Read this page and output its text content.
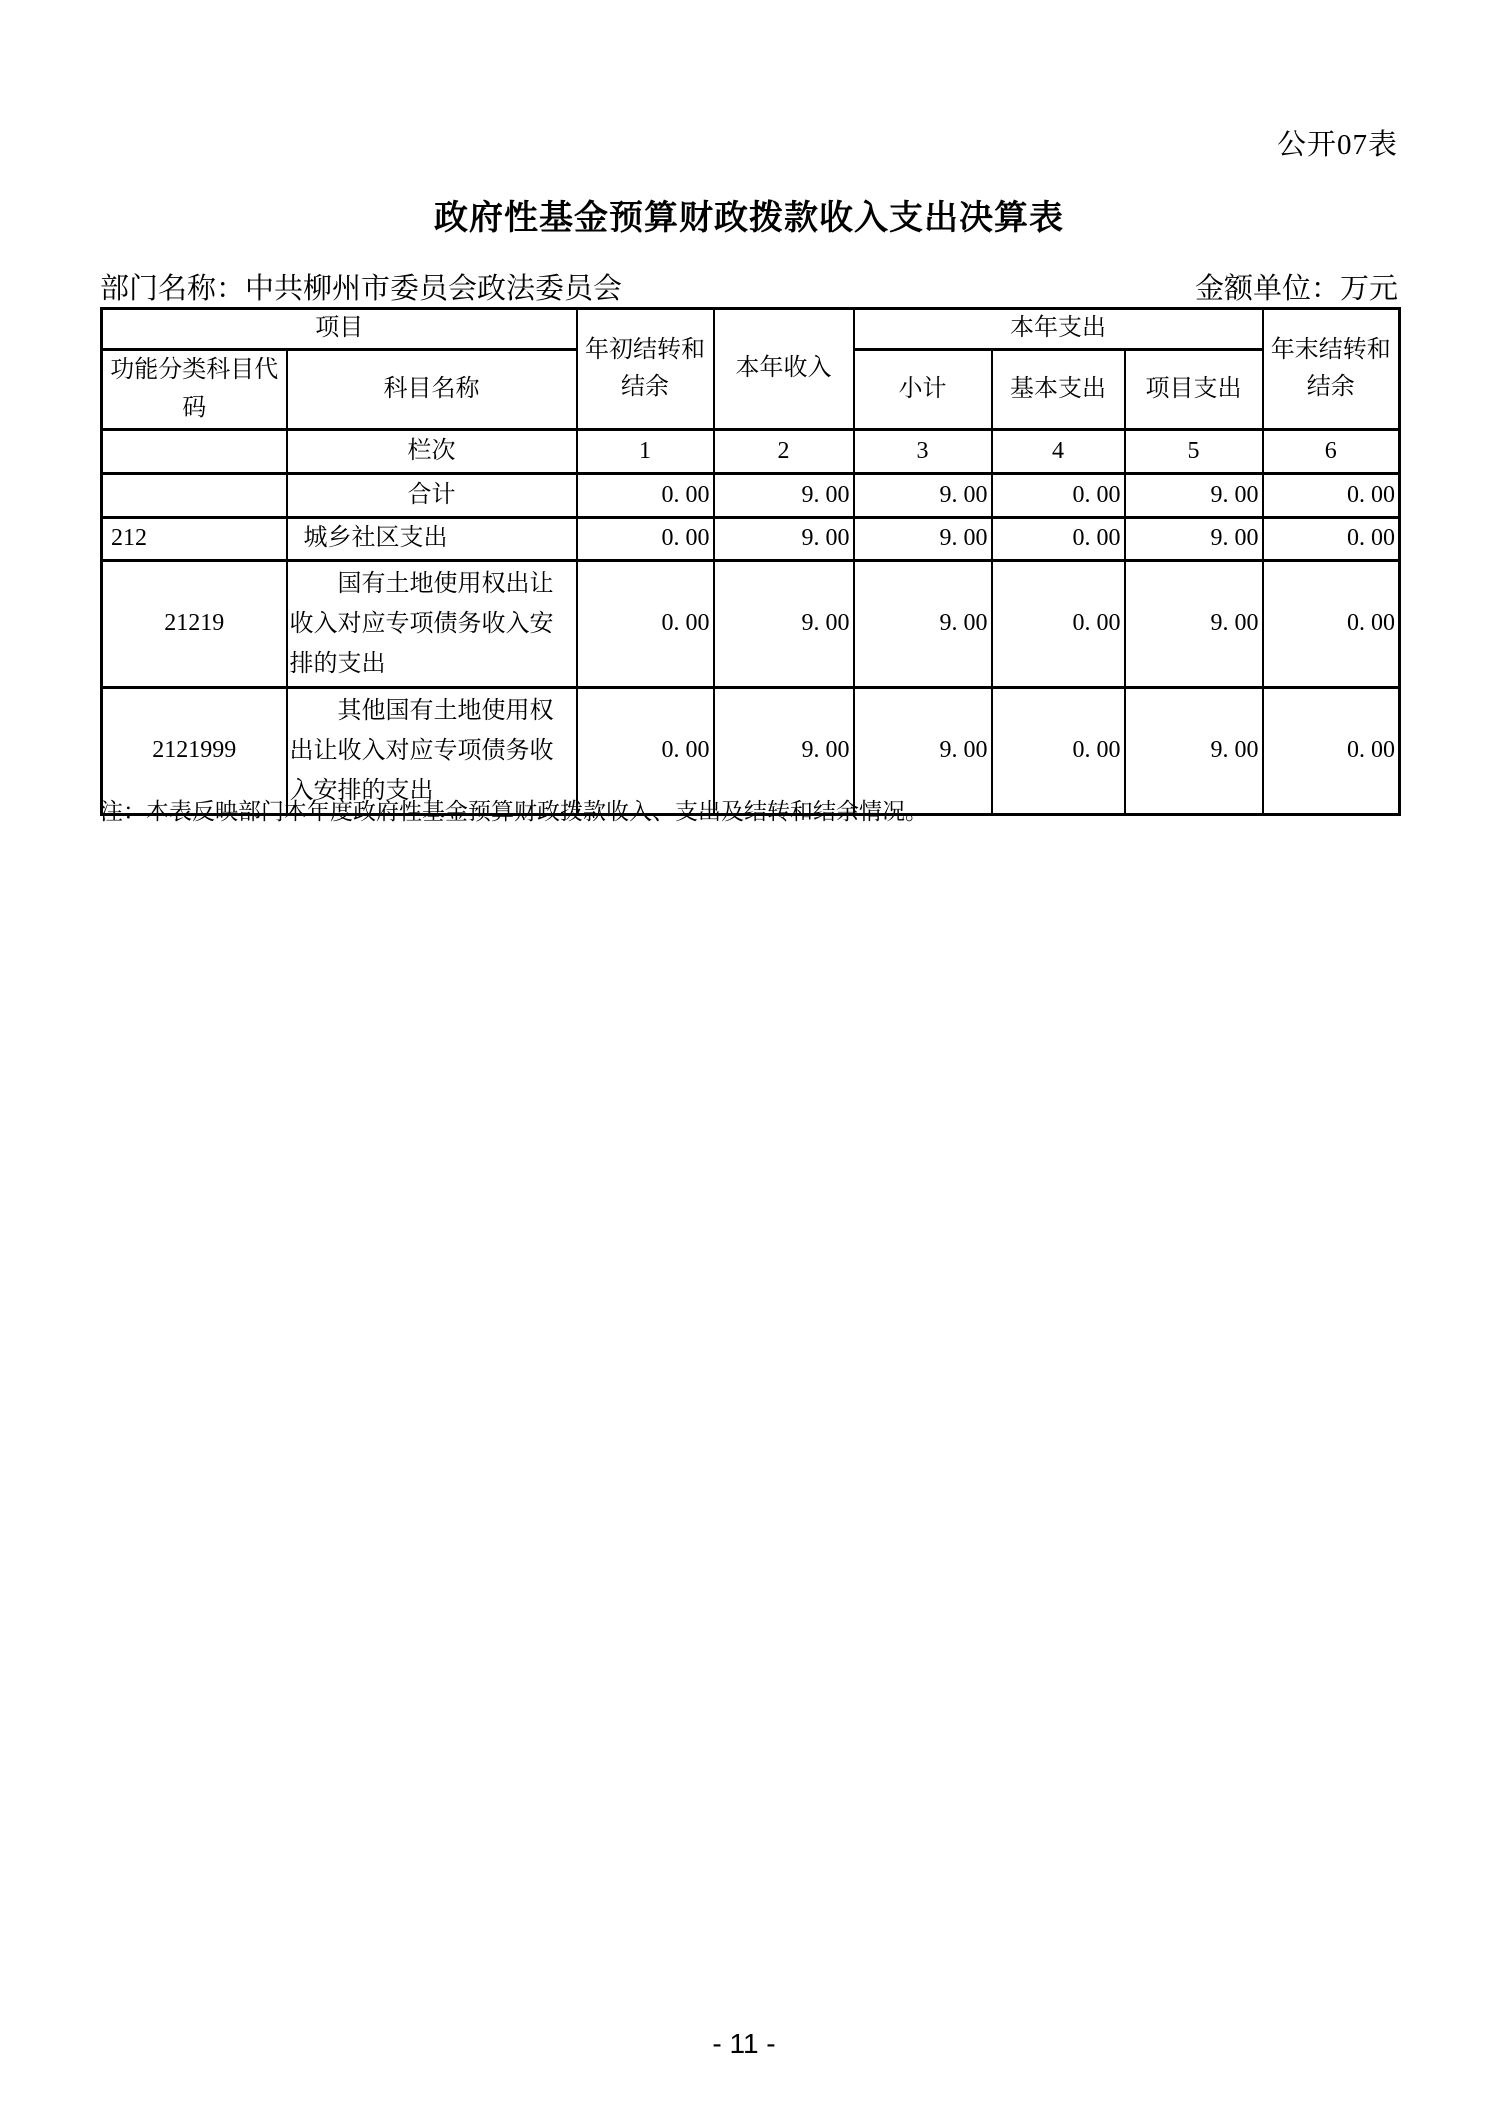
公开07表
政府性基金预算财政拨款收入支出决算表
部门名称：中共柳州市委员会政法委员会	金额单位：万元
项目		年初结转和结余	本年收入	本年支出			年末结转和结余
功能分类科目代码	科目名称			小计	基本支出	项目支出	
	栏次	1	2	3	4	5	6
	合计	0. 00	9. 00	9. 00	0. 00	9. 00	0. 00
212	城乡社区支出	0. 00	9. 00	9. 00	0. 00	9. 00	0. 00
21219	国有土地使用权出让收入对应专项债务收入安排的支出	0. 00	9. 00	9. 00	0. 00	9. 00	0. 00
2121999	其他国有土地使用权出让收入对应专项债务收入安排的支出	0. 00	9. 00	9. 00	0. 00	9. 00	0. 00
注：本表反映部门本年度政府性基金预算财政拨款收入、支出及结转和结余情况。
- 11 -
